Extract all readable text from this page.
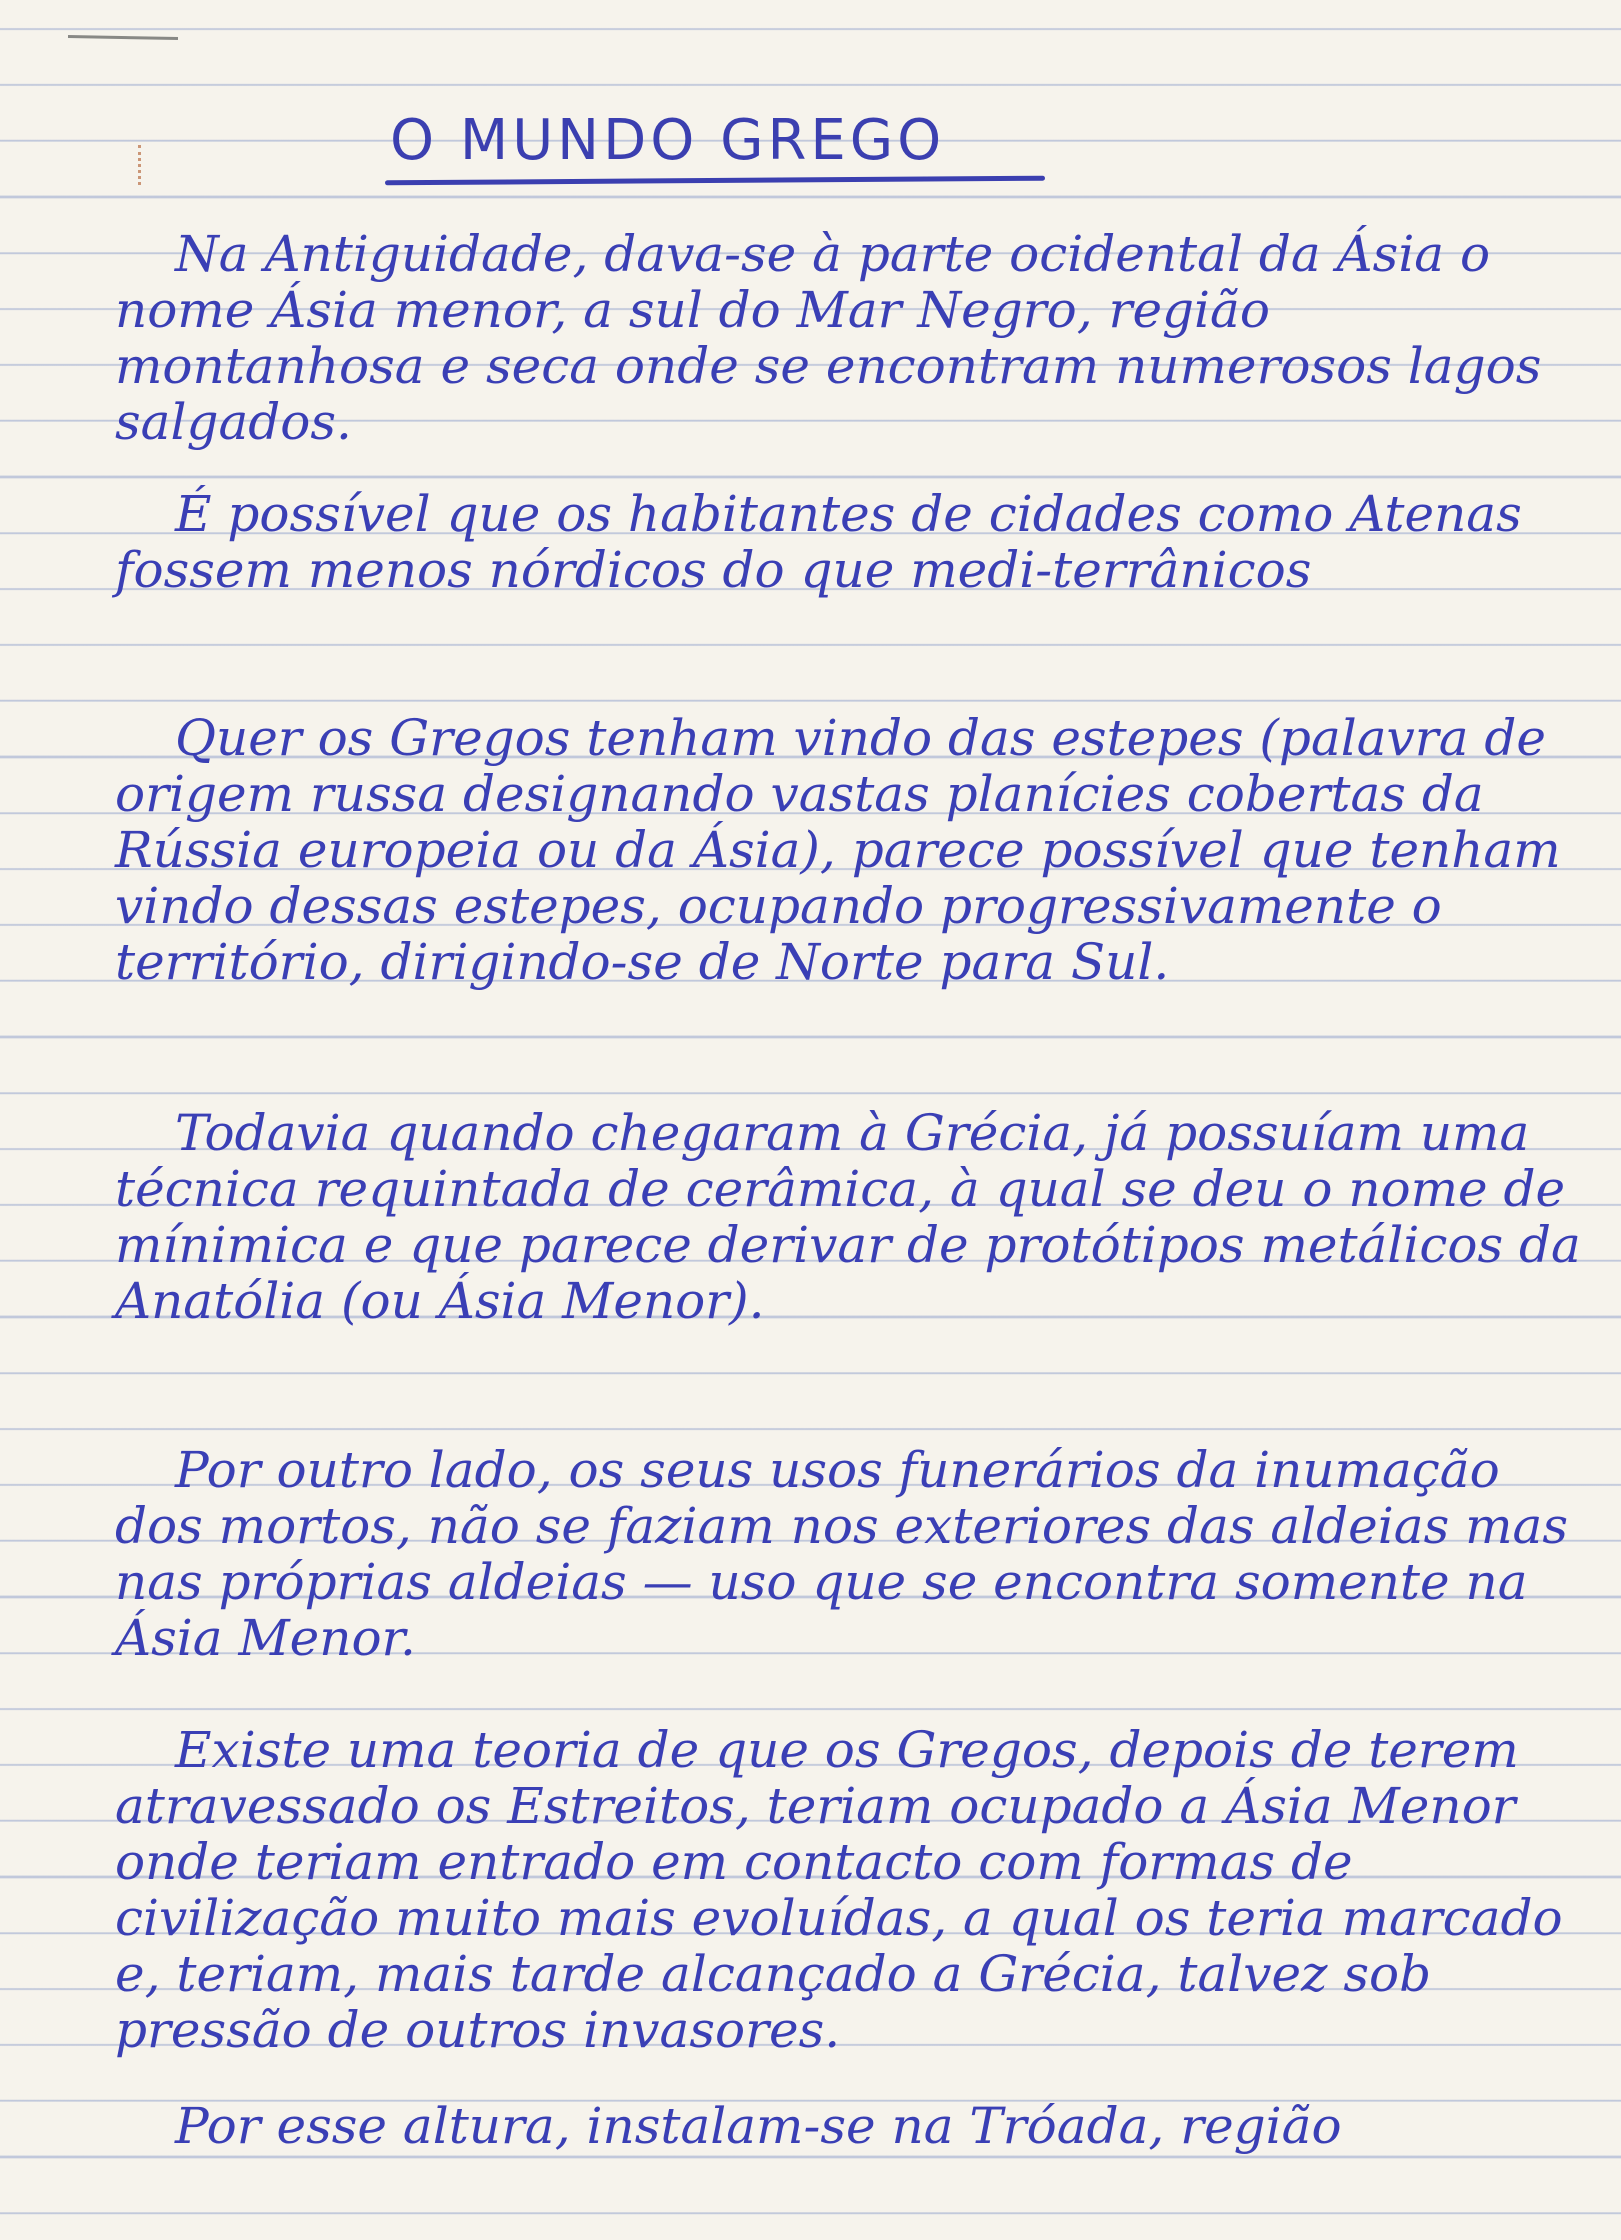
O MUNDO GREGO
Na Antiguidade, dava-se à parte ocidental da Ásia o nome Ásia menor, a sul do Mar Negro, região montanhosa e seca onde se encontram numerosos lagos salgados.
É possível que os habitantes de cidades como Atenas fossem menos nórdicos do que medi-terrânicos
Quer os Gregos tenham vindo das estepes (palavra de origem russa designando vastas planícies cobertas da Rússia europeia ou da Ásia), parece possível que tenham vindo dessas estepes, ocupando progressivamente o território, dirigindo-se de Norte para Sul.
Todavia quando chegaram à Grécia, já possuíam uma técnica requintada de cerâmica, à qual se deu o nome de mínimica e que parece derivar de protótipos metálicos da Anatólia (ou Ásia Menor).
Por outro lado, os seus usos funerários da inumação dos mortos, não se faziam nos exteriores das aldeias mas nas próprias aldeias — uso que se encontra somente na Ásia Menor.
Existe uma teoria de que os Gregos, depois de terem atravessado os Estreitos, teriam ocupado a Ásia Menor onde teriam entrado em contacto com formas de civilização muito mais evoluídas, a qual os teria marcado e, teriam, mais tarde alcançado a Grécia, talvez sob pressão de outros invasores.
Por esse altura, instalam-se na Tróada, região
